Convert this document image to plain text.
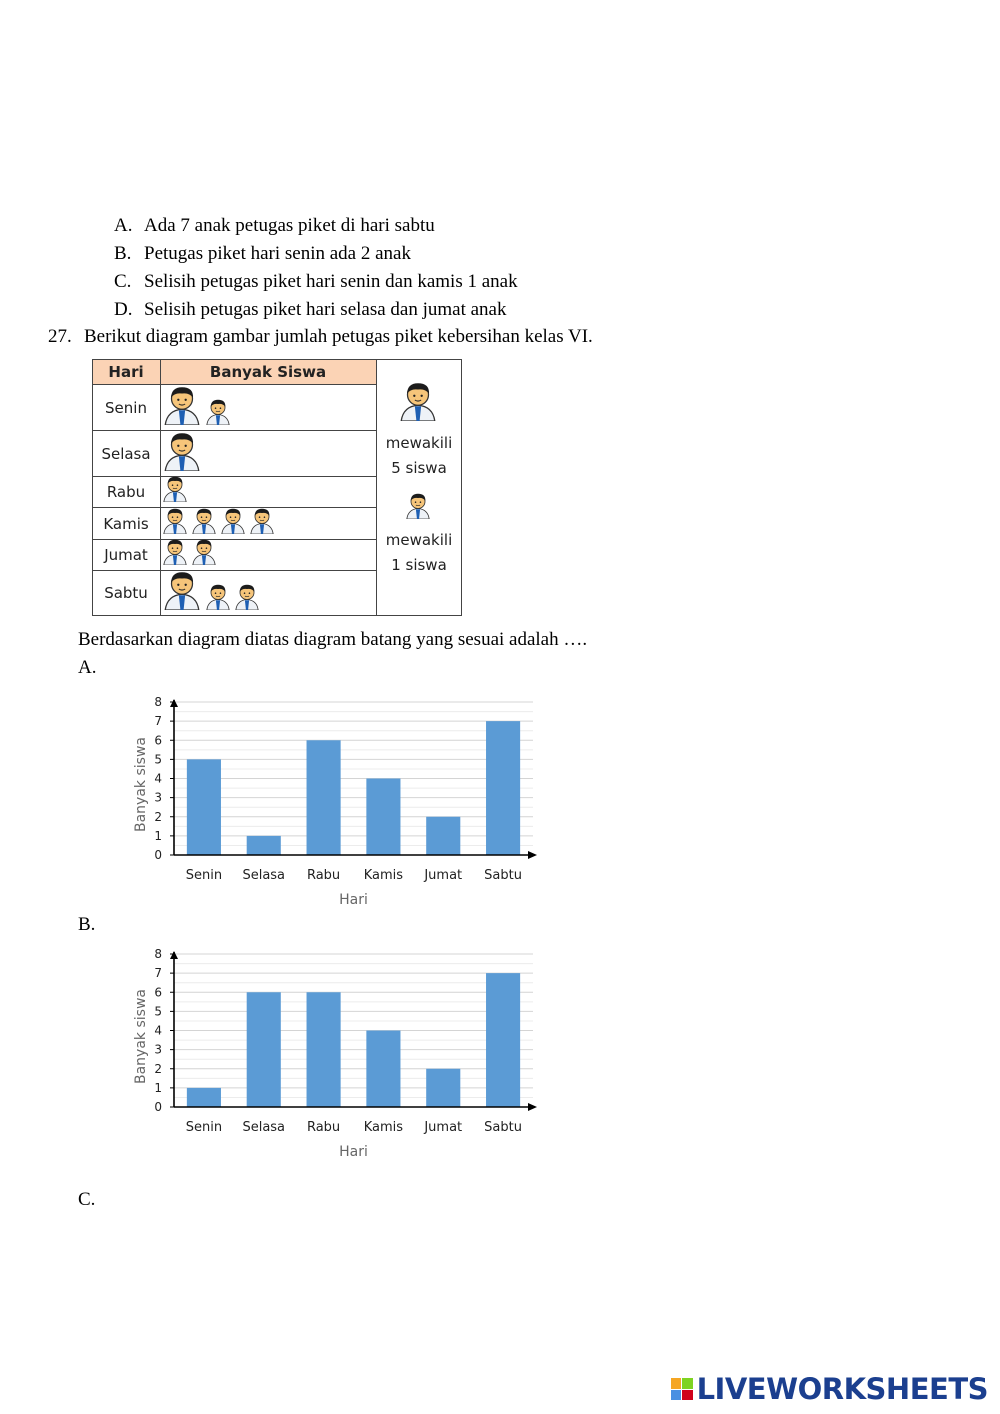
A. Ada 7 anak petugas piket di hari sabtu
B. Petugas piket hari senin ada 2 anak
C. Selisih petugas piket hari senin dan kamis 1 anak
D. Selisih petugas piket hari selasa dan jumat anak
27. Berikut diagram gambar jumlah petugas piket kebersihan kelas VI.
Hari	Banyak Siswa
Senin
Selasa
Rabu
Kamis
Jumat
Sabtu
mewakili
5 siswa
mewakili
1 siswa
Berdasarkan diagram diatas diagram batang yang sesuai adalah ….
A.
Senin Selasa Rabu Kamis Jumat Sabtu
0
1
2
3
4
5
6
7
8
Hari
Banyak siswa
B.
Senin Selasa Rabu Kamis Jumat Sabtu
0
1
2
3
4
5
6
7
8
Hari
Banyak siswa
C.
LIVEWORKSHEETS
